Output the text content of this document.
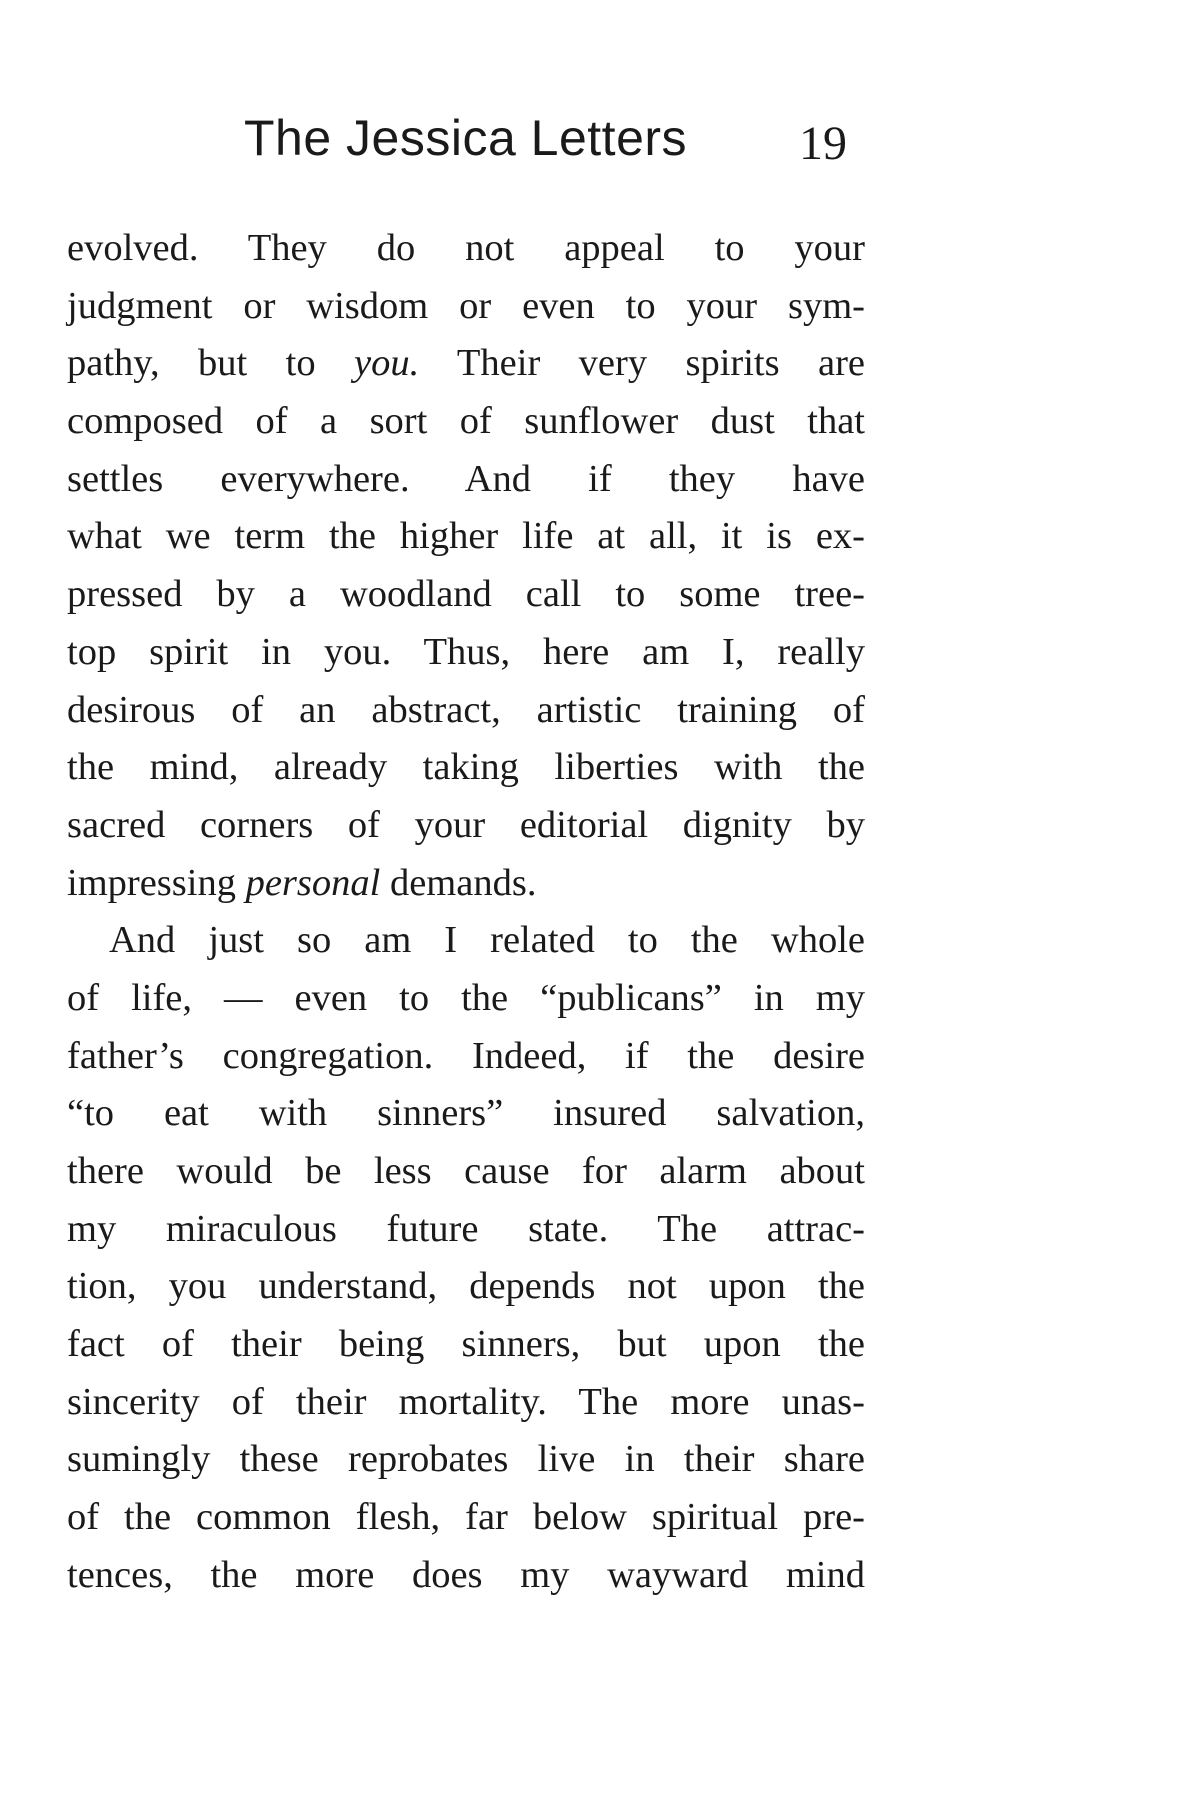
The Jessica Letters 19
evolved. They do not appeal to your
judgment or wisdom or even to your sym-
pathy, but to you. Their very spirits are
composed of a sort of sunflower dust that
settles everywhere. And if they have
what we term the higher life at all, it is ex-
pressed by a woodland call to some tree-
top spirit in you. Thus, here am I, really
desirous of an abstract, artistic training of
the mind, already taking liberties with the
sacred corners of your editorial dignity by
impressing personal demands.
And just so am I related to the whole
of life, — even to the “publicans” in my
father’s congregation. Indeed, if the desire
“to eat with sinners” insured salvation,
there would be less cause for alarm about
my miraculous future state. The attrac-
tion, you understand, depends not upon the
fact of their being sinners, but upon the
sincerity of their mortality. The more unas-
sumingly these reprobates live in their share
of the common flesh, far below spiritual pre-
tences, the more does my wayward mind
